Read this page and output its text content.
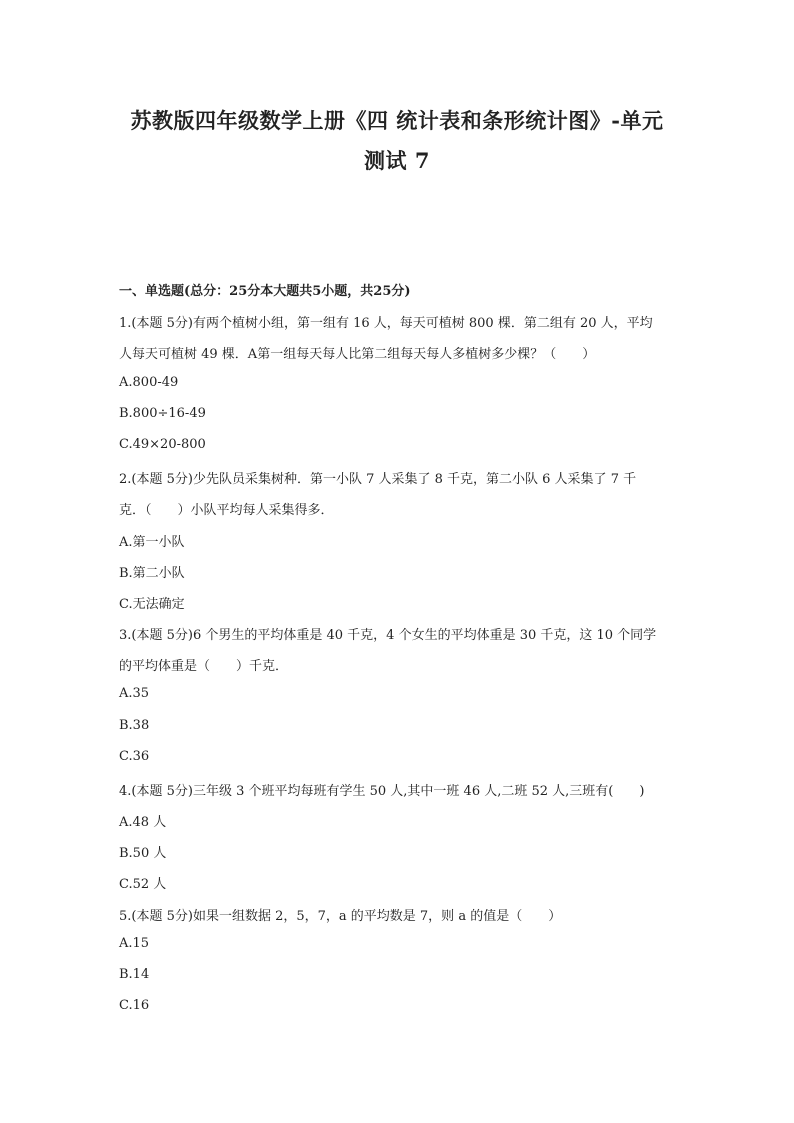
苏教版四年级数学上册《四 统计表和条形统计图》-单元
测试 7
一、单选题(总分：25分本大题共5小题，共25分)
1.(本题 5分)有两个植树小组，第一组有 16 人，每天可植树 800 棵．第二组有 20 人，平均
人每天可植树 49 棵．A第一组每天每人比第二组每天每人多植树多少棵？（　　）
A.800-49
B.800÷16-49
C.49×20-800
2.(本题 5分)少先队员采集树种．第一小队 7 人采集了 8 千克，第二小队 6 人采集了 7 千
克．（　　）小队平均每人采集得多．
A.第一小队
B.第二小队
C.无法确定
3.(本题 5分)6 个男生的平均体重是 40 千克，4 个女生的平均体重是 30 千克，这 10 个同学
的平均体重是（　　）千克．
A.35
B.38
C.36
4.(本题 5分)三年级 3 个班平均每班有学生 50 人,其中一班 46 人,二班 52 人,三班有(　　)
A.48 人
B.50 人
C.52 人
5.(本题 5分)如果一组数据 2，5，7，a 的平均数是 7，则 a 的值是（　　）
A.15
B.14
C.16
